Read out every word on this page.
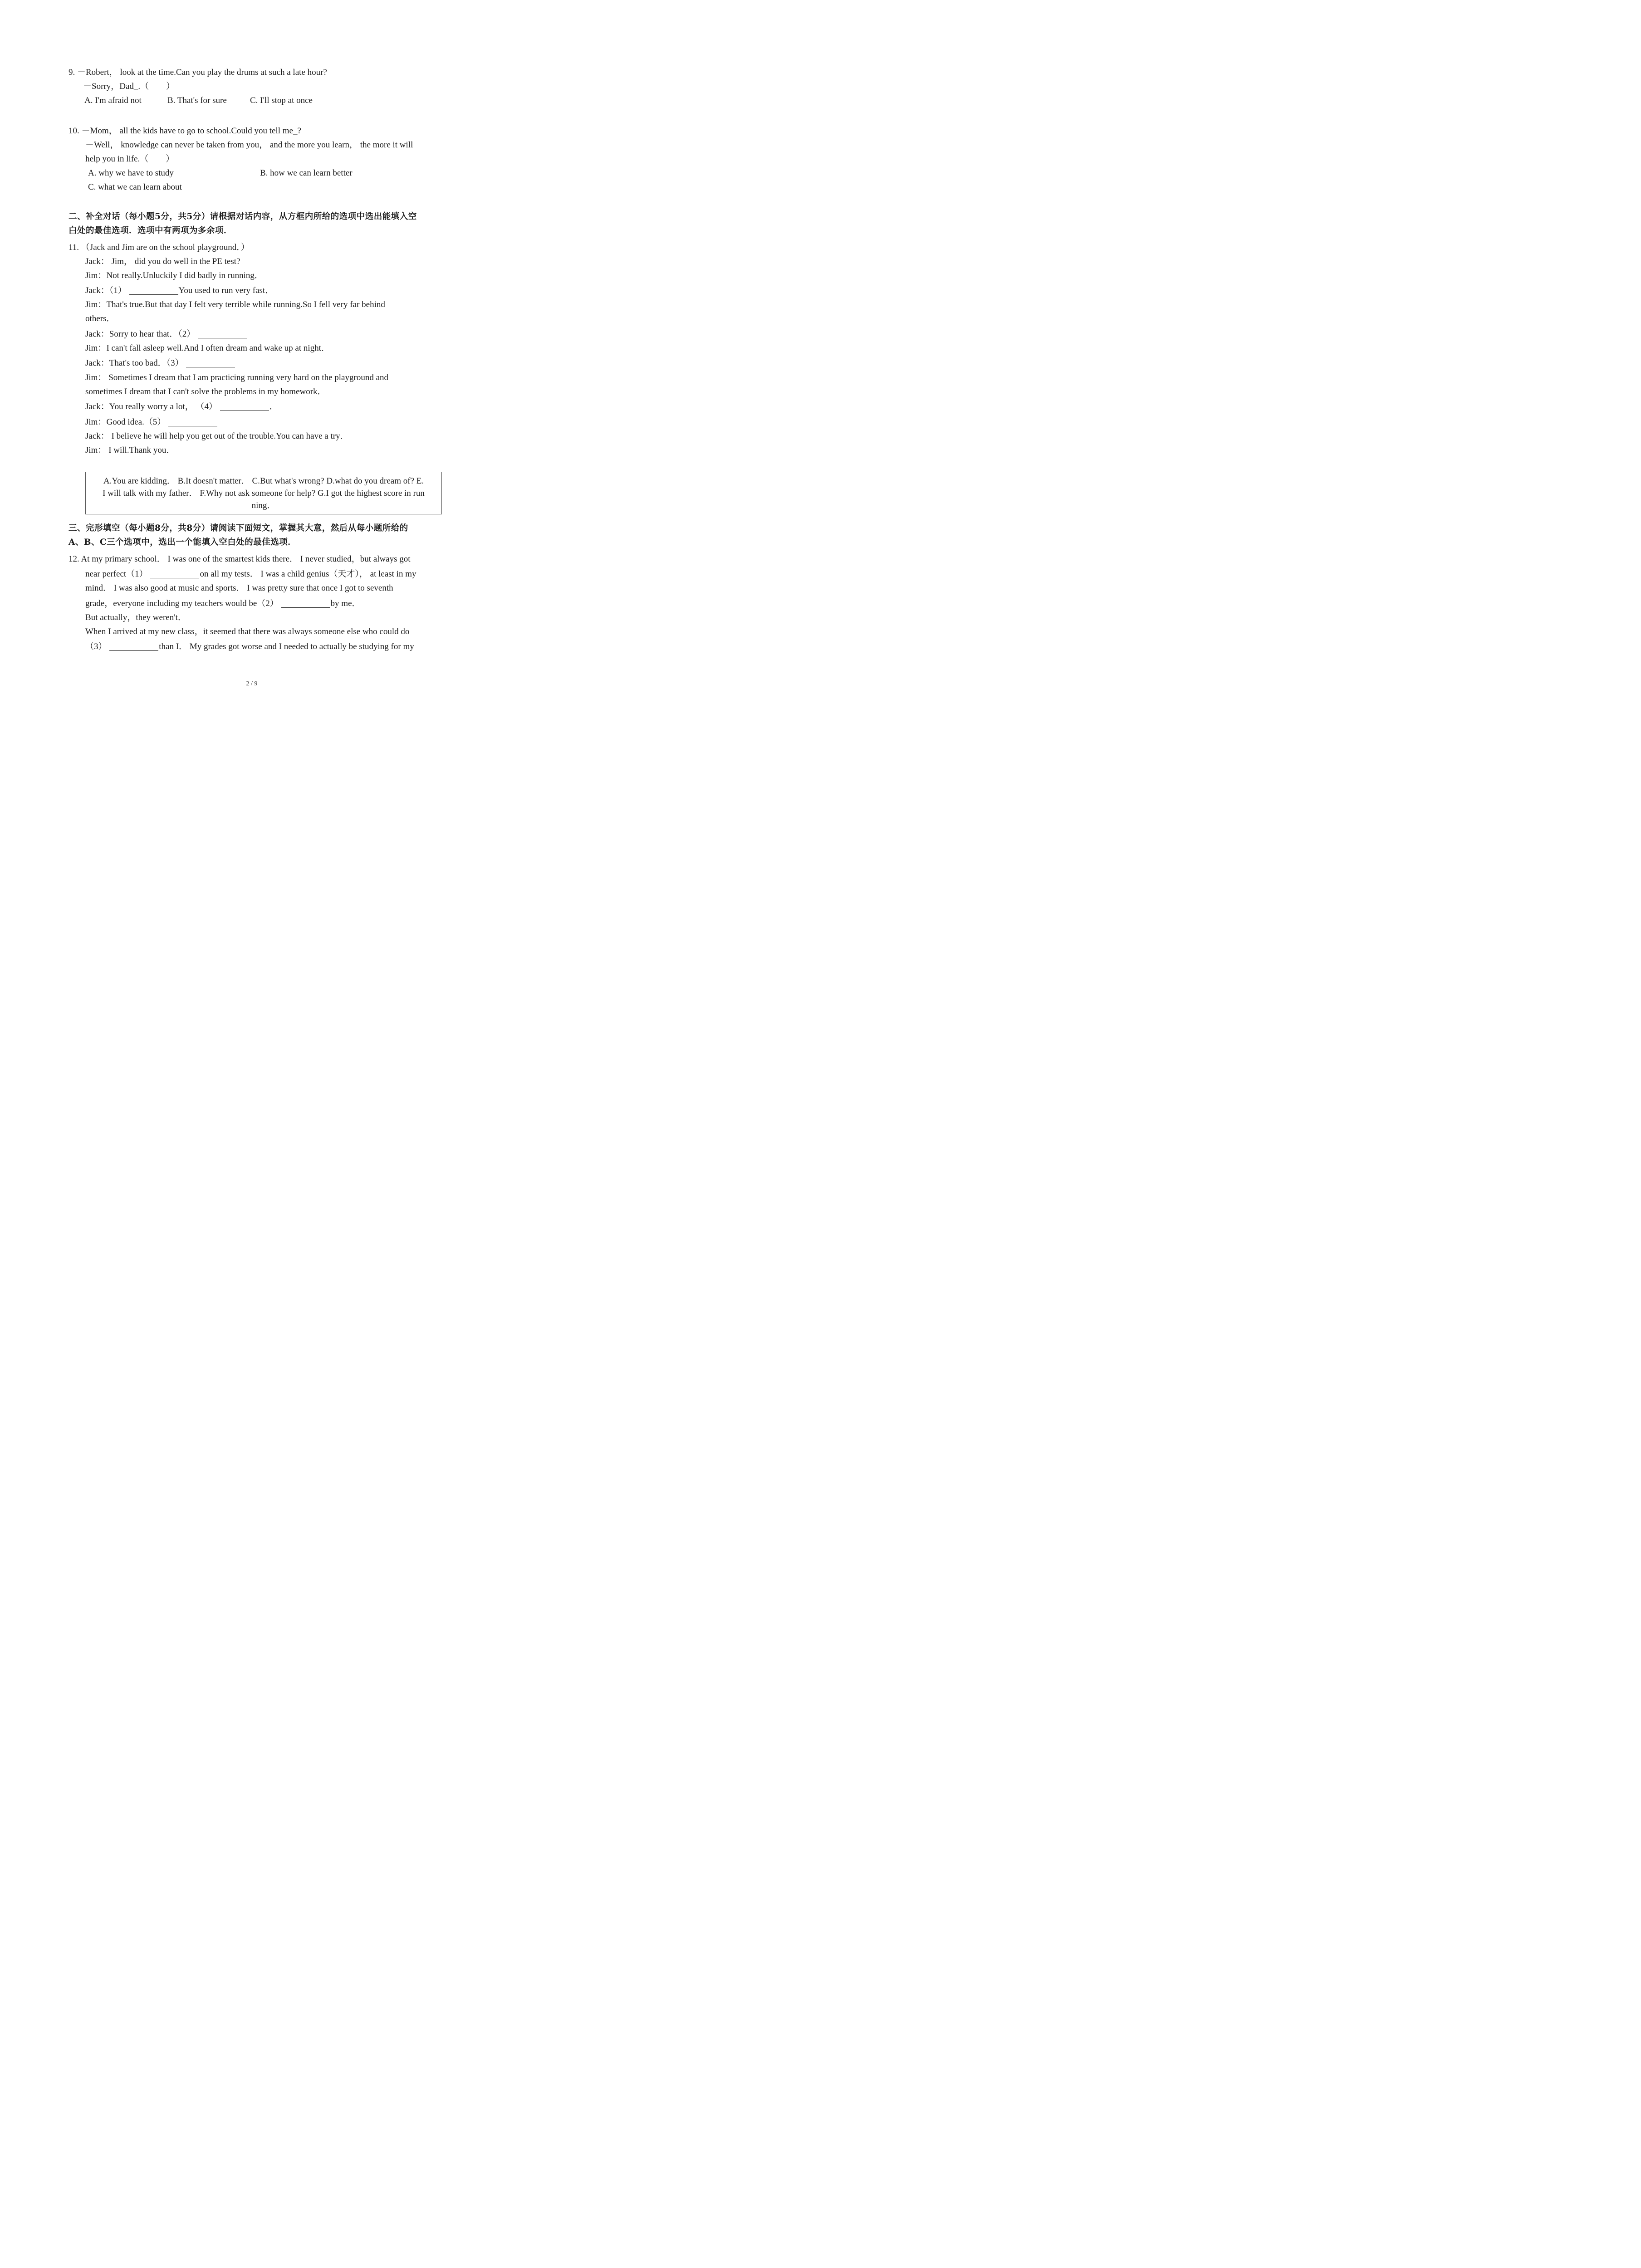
9. －Robert， look at the time.Can you play the drums at such a late hour?
－Sorry，Dad_.（　　）
A. I'm afraid not	B. That's for sure	C. I'll stop at once
10. －Mom， all the kids have to go to school.Could you tell me_?
－Well， knowledge can never be taken from you， and the more you learn， the more it will
help you in life.（　　）
A. why we have to study	B. how we can learn better
C. what we can learn about
二、补全对话（每小题5分，共5分）请根据对话内容，从方框内所给的选项中选出能填入空
白处的最佳选项．选项中有两项为多余项．
11. （Jack and Jim are on the school playground．）
Jack： Jim， did you do well in the PE test?
Jim：Not really.Unluckily I did badly in running．
Jack：（1）	You used to run very fast．
Jim：That's true.But that day I felt very terrible while running.So I fell very far behind
others．
Jack：Sorry to hear that．（2）
Jim：I can't fall asleep well.And I often dream and wake up at night．
Jack：That's too bad．（3）
Jim： Sometimes I dream that I am practicing running very hard on the playground and
sometimes I dream that I can't solve the problems in my homework．
Jack：You really worry a lot， （4）	．
Jim：Good idea.（5）
Jack： I believe he will help you get out of the trouble.You can have a try．
Jim： I will.Thank you．
A.You are kidding． B.It doesn't matter． C.But what's wrong? D.what do you dream of? E.
I will talk with my father． F.Why not ask someone for help? G.I got the highest score in run
ning．
三、完形填空（每小题8分，共8分）请阅读下面短文，掌握其大意，然后从每小题所给的
A、B、C三个选项中，选出一个能填入空白处的最佳选项．
12. At my primary school． I was one of the smartest kids there． I never studied，but always got
near perfect（1）	on all my tests． I was a child genius（天才）， at least in my
mind． I was also good at music and sports． I was pretty sure that once I got to seventh
grade，everyone including my teachers would be（2）	by me．
But actually，they weren't．
When I arrived at my new class，it seemed that there was always someone else who could do
（3）	than I． My grades got worse and I needed to actually be studying for my
2 / 9
